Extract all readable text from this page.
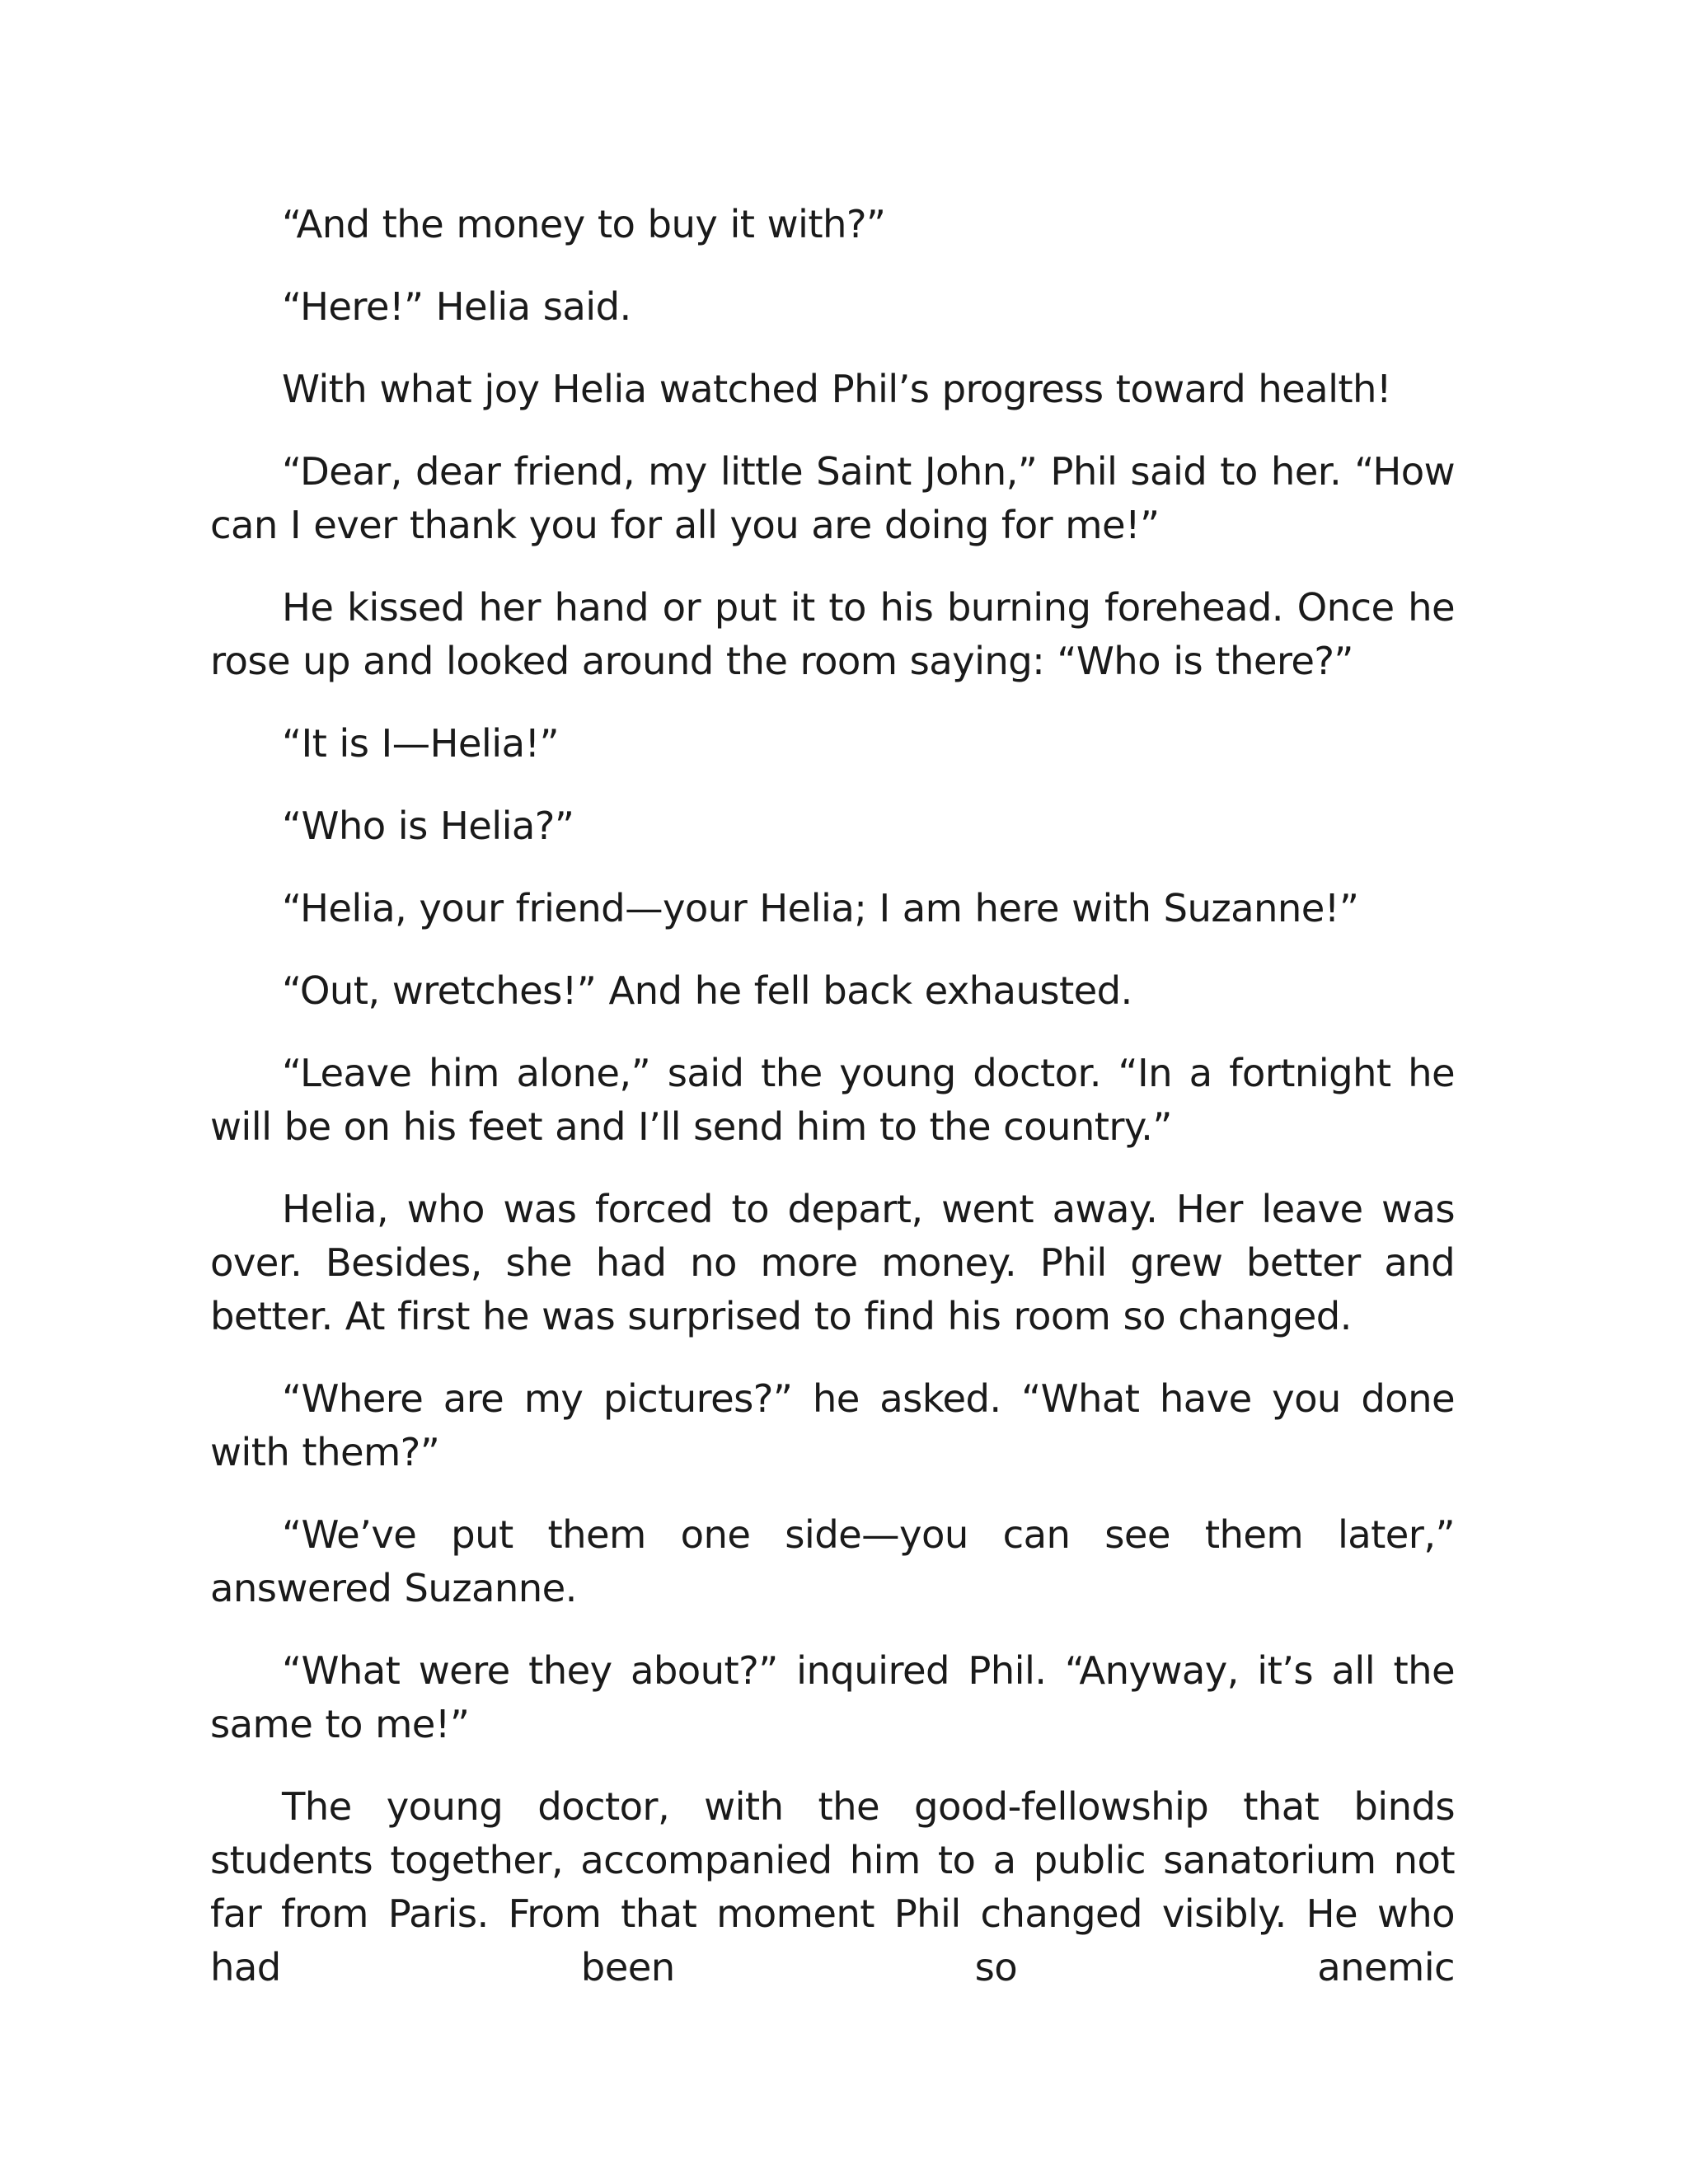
“And the money to buy it with?”

“Here!” Helia said.

With what joy Helia watched Phil’s progress toward health!

“Dear, dear friend, my little Saint John,” Phil said to her. “How can I ever thank you for all you are doing for me!”

He kissed her hand or put it to his burning forehead. Once he rose up and looked around the room saying: “Who is there?”

“It is I—Helia!”

“Who is Helia?”

“Helia, your friend—your Helia; I am here with Suzanne!”

“Out, wretches!” And he fell back exhausted.

“Leave him alone,” said the young doctor. “In a fortnight he will be on his feet and I’ll send him to the country.”

Helia, who was forced to depart, went away. Her leave was over. Besides, she had no more money. Phil grew better and better. At first he was surprised to find his room so changed.

“Where are my pictures?” he asked. “What have you done with them?”

“We’ve put them one side—you can see them later,” answered Suzanne.

“What were they about?” inquired Phil. “Anyway, it’s all the same to me!”

The young doctor, with the good-fellowship that binds students together, accompanied him to a public sanatorium not far from Paris. From that moment Phil changed visibly. He who had been so anemic
